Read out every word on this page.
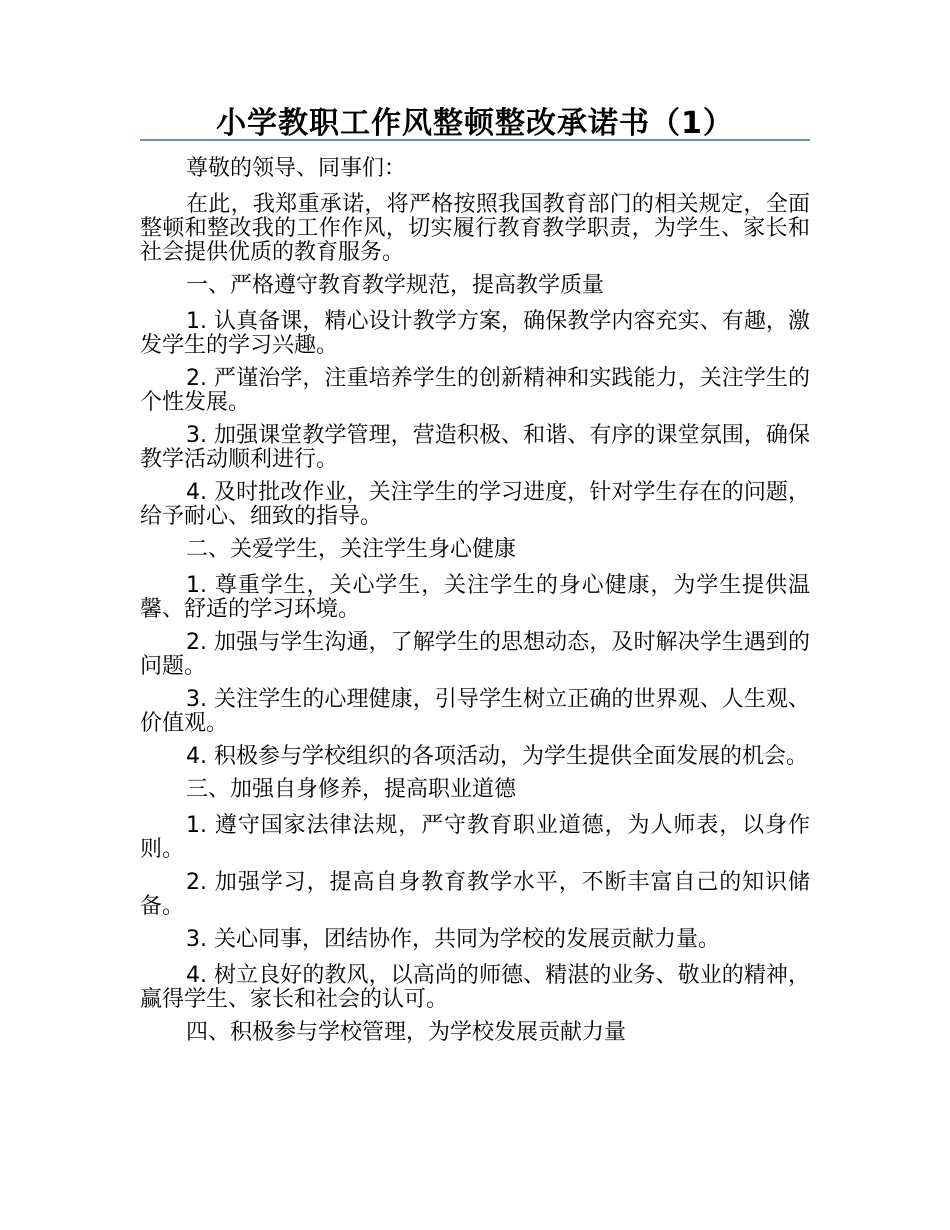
小学教职工作风整顿整改承诺书（1）

尊敬的领导、同事们：

在此，我郑重承诺，将严格按照我国教育部门的相关规定，全面整顿和整改我的工作作风，切实履行教育教学职责，为学生、家长和社会提供优质的教育服务。

一、严格遵守教育教学规范，提高教学质量

1. 认真备课，精心设计教学方案，确保教学内容充实、有趣，激发学生的学习兴趣。

2. 严谨治学，注重培养学生的创新精神和实践能力，关注学生的个性发展。

3. 加强课堂教学管理，营造积极、和谐、有序的课堂氛围，确保教学活动顺利进行。

4. 及时批改作业，关注学生的学习进度，针对学生存在的问题，给予耐心、细致的指导。

二、关爱学生，关注学生身心健康

1. 尊重学生，关心学生，关注学生的身心健康，为学生提供温馨、舒适的学习环境。

2. 加强与学生沟通，了解学生的思想动态，及时解决学生遇到的问题。

3. 关注学生的心理健康，引导学生树立正确的世界观、人生观、价值观。

4. 积极参与学校组织的各项活动，为学生提供全面发展的机会。

三、加强自身修养，提高职业道德

1. 遵守国家法律法规，严守教育职业道德，为人师表，以身作则。

2. 加强学习，提高自身教育教学水平，不断丰富自己的知识储备。

3. 关心同事，团结协作，共同为学校的发展贡献力量。

4. 树立良好的教风，以高尚的师德、精湛的业务、敬业的精神，赢得学生、家长和社会的认可。

四、积极参与学校管理，为学校发展贡献力量
